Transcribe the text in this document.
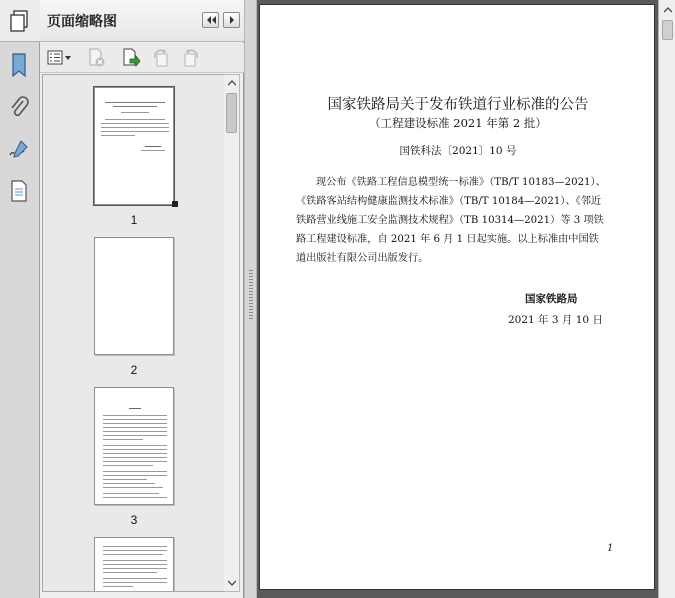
页面缩略图
1
2
3
国家铁路局关于发布铁道行业标准的公告
（工程建设标准 2021 年第 2 批）
国铁科法〔2021〕10 号

现公布《铁路工程信息模型统一标准》（TB/T 10183—2021）、

《铁路客站结构健康监测技术标准》（TB/T 10184—2021）、《邻近

铁路营业线施工安全监测技术规程》（TB 10314—2021）等 3 项铁

路工程建设标准，自 2021 年 6 月 1 日起实施。以上标准由中国铁

道出版社有限公司出版发行。

国家铁路局
2021 年 3 月 10 日
1
